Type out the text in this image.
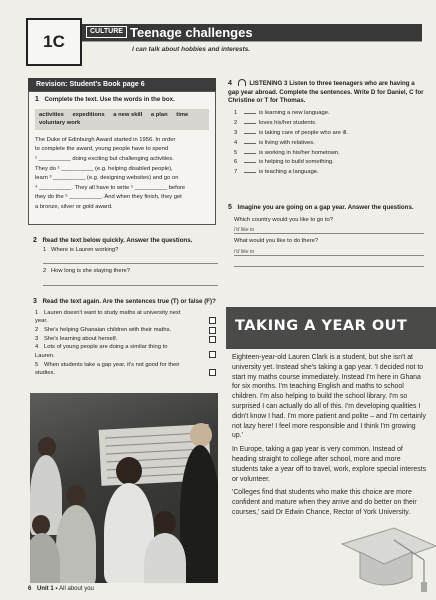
1C
CULTURE Teenage challenges
I can talk about hobbies and interests.
Revision: Student's Book page 6
1 Complete the text. Use the words in the box.
activities expeditions a new skill a plan time
voluntary work
The Duke of Edinburgh Award started in 1956. In order
to complete the award, young people have to spend
¹ __________ doing exciting but challenging activities.
They do ² __________ (e.g. helping disabled people),
learn ³ __________ (e.g. designing websites) and go on
⁴ __________. They all have to write ⁵ __________ before
they do the ⁶ __________. And when they finish, they get
a bronze, silver or gold award.
2 Read the text below quickly. Answer the questions.
1 Where is Lauren working?
2 How long is she staying there?
3 Read the text again. Are the sentences true (T) or false (F)?
1 Lauren doesn't want to study maths at university next year.
2 She's helping Ghanaian children with their maths.
3 She's learning about herself.
4 Lots of young people are doing a similar thing to Lauren.
5 When students take a gap year, it's not good for their studies.
6 Unit 1 ▪ All about you
4	LISTENING 3 Listen to three teenagers who are having a gap year abroad. Complete the sentences. Write D for Daniel, C for Christine or T for Thomas.
1	is learning a new language.
2	loves his/her students.
3	is taking care of people who are ill.
4	is living with relatives.
5	is working in his/her hometown.
6	is helping to build something.
7	is teaching a language.
5 Imagine you are going on a gap year. Answer the questions.
Which country would you like to go to?
I'd like to
What would you like to do there?
I'd like to
TAKING A YEAR OUT

Eighteen-year-old Lauren Clark is a student, but she isn't at university yet. Instead she's taking a gap year. 'I decided not to start my maths course immediately. Instead I'm here in Ghana for six months. I'm teaching English and maths to school children. I'm also helping to build the school library. I'm so surprised I can actually do all of this. I'm developing qualities I didn't know I had. I'm more patient and polite – and I'm certainly not lazy here! I feel more responsible and I think I'm growing up.'

In Europe, taking a gap year is very common. Instead of heading straight to college after school, more and more students take a year off to travel, work, explore special interests or volunteer.

'Colleges find that students who make this choice are more confident and mature when they arrive and do better on their courses,' said Dr Edwin Chance, Rector of York University.
